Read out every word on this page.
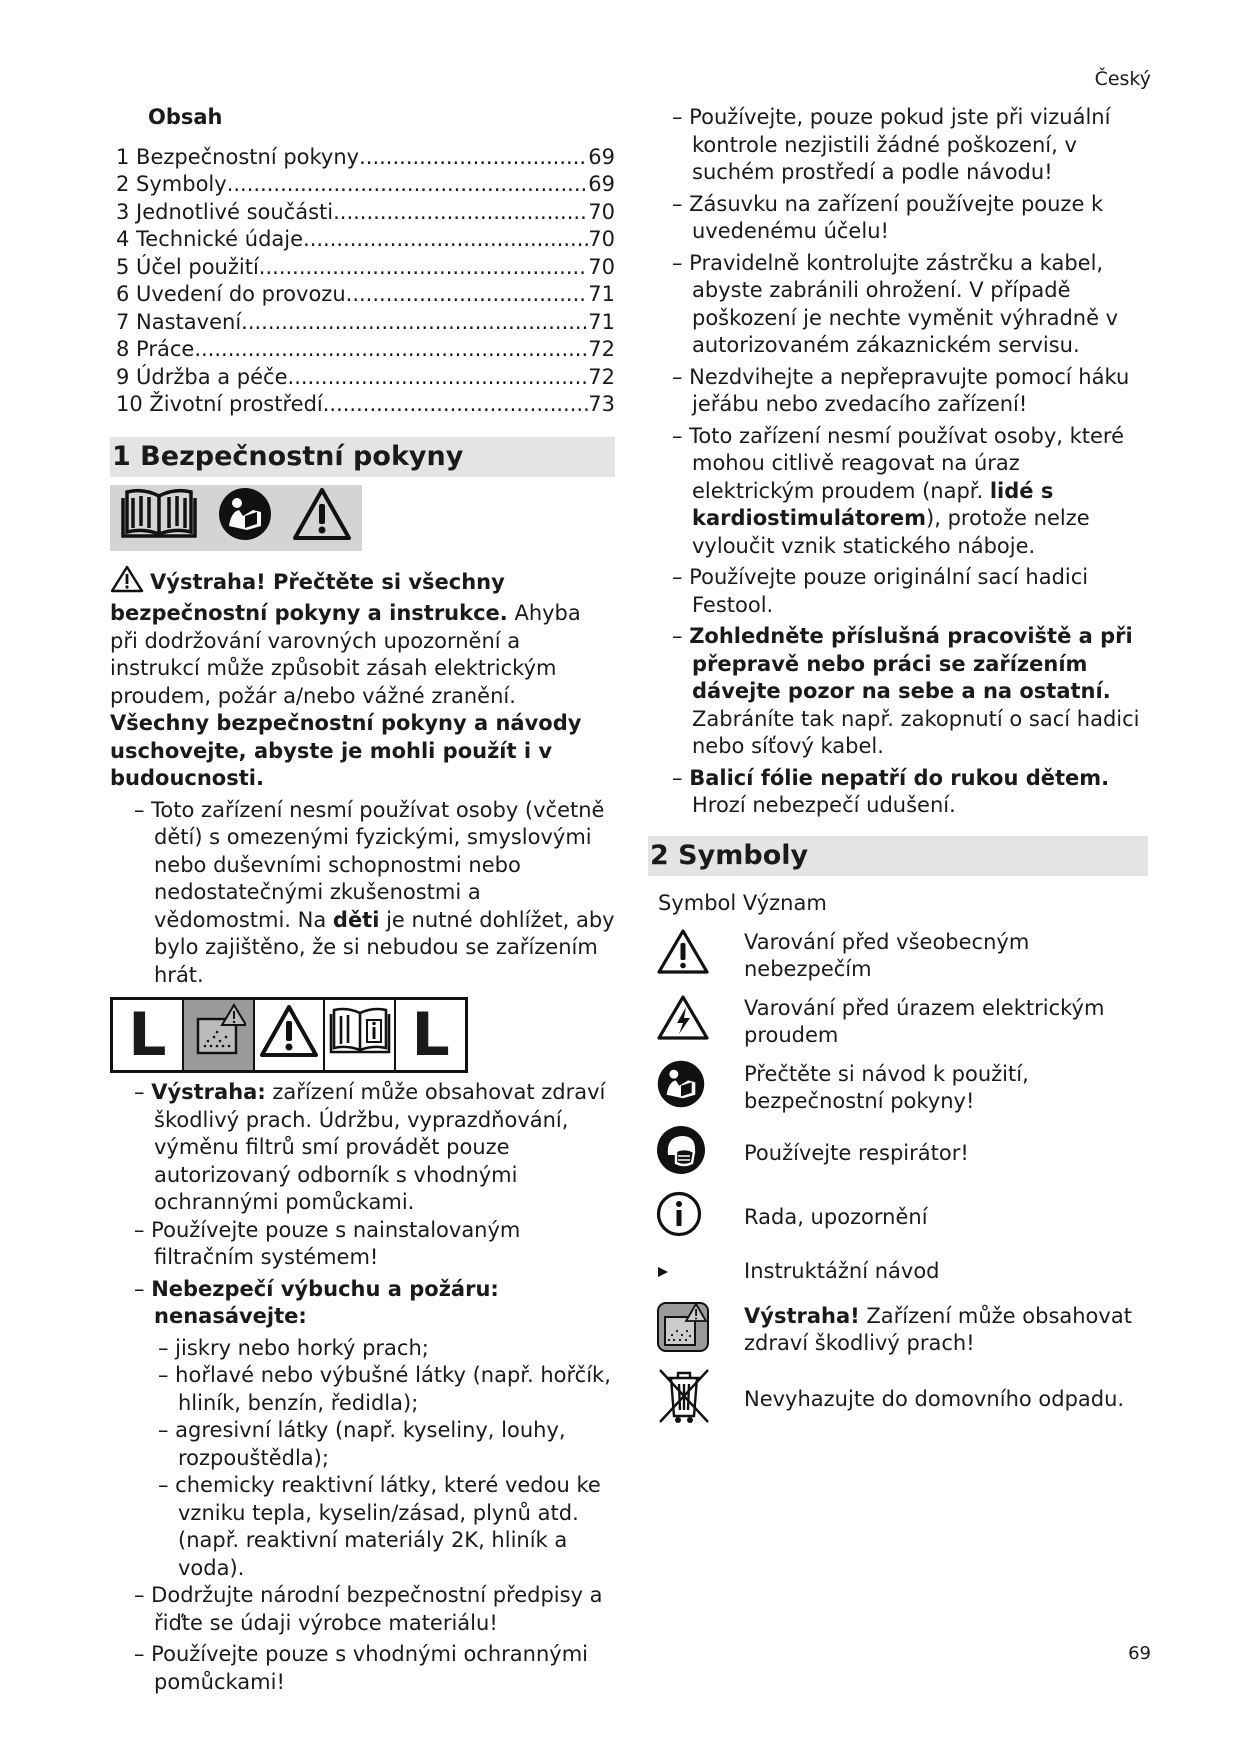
Český

Obsah

1 Bezpečnostní pokyny .....	69
2 Symboly .....	69
3 Jednotlivé součásti .....	70
4 Technické údaje .....	70
5 Účel použití .....	70
6 Uvedení do provozu .....	71
7 Nastavení .....	71
8 Práce .....	72
9 Údržba a péče .....	72
10 Životní prostředí .....	73
1 Bezpečnostní pokyny

Výstraha! Přečtěte si všechny bezpečnostní pokyny a instrukce. Ahyba při dodržování varovných upozornění a instrukcí může způsobit zásah elektrickým proudem, požár a/nebo vážné zranění.

Všechny bezpečnostní pokyny a návody uschovejte, abyste je mohli použít i v budoucnosti.

– Toto zařízení nesmí používat osoby (včetně dětí) s omezenými fyzickými, smyslovými nebo duševními schopnostmi nebo nedostatečnými zkušenostmi a vědomostmi. Na děti je nutné dohlížet, aby bylo zajištěno, že si nebudou se zařízením hrát.

L	L

– Výstraha: zařízení může obsahovat zdraví škodlivý prach. Údržbu, vyprazdňování, výměnu filtrů smí provádět pouze autorizovaný odborník s vhodnými ochrannými pomůckami.

– Používejte pouze s nainstalovaným filtračním systémem!

– Nebezpečí výbuchu a požáru: nenasávejte:

– jiskry nebo horký prach;

– hořlavé nebo výbušné látky (např. hořčík, hliník, benzín, ředidla);

– agresivní látky (např. kyseliny, louhy, rozpouštědla);

– chemicky reaktivní látky, které vedou ke vzniku tepla, kyselin/zásad, plynů atd. (např. reaktivní materiály 2K, hliník a voda).

– Dodržujte národní bezpečnostní předpisy a řiďte se údaji výrobce materiálu!

– Používejte pouze s vhodnými ochrannými pomůckami!

– Používejte, pouze pokud jste při vizuální kontrole nezjistili žádné poškození, v suchém prostředí a podle návodu!

– Zásuvku na zařízení používejte pouze k uvedenému účelu!

– Pravidelně kontrolujte zástrčku a kabel, abyste zabránili ohrožení. V případě poškození je nechte vyměnit výhradně v autorizovaném zákaznickém servisu.

– Nezdvihejte a nepřepravujte pomocí háku jeřábu nebo zvedacího zařízení!

– Toto zařízení nesmí používat osoby, které mohou citlivě reagovat na úraz elektrickým proudem (např. lidé s kardiostimulátorem), protože nelze vyloučit vznik statického náboje.

– Používejte pouze originální sací hadici Festool.

– Zohledněte příslušná pracoviště a při přepravě nebo práci se zařízením dávejte pozor na sebe a na ostatní.

Zabráníte tak např. zakopnutí o sací hadici nebo síťový kabel.

– Balicí fólie nepatří do rukou dětem.

Hrozí nebezpečí udušení.

2 Symboly

Symbol Význam

Varování před všeobecným nebezpečím
Varování před úrazem elektrickým proudem
Přečtěte si návod k použití, bezpečnostní pokyny!
Používejte respirátor!
Rada, upozornění
Instruktážní návod
Výstraha! Zařízení může obsahovat zdraví škodlivý prach!
Nevyhazujte do domovního odpadu.
69
